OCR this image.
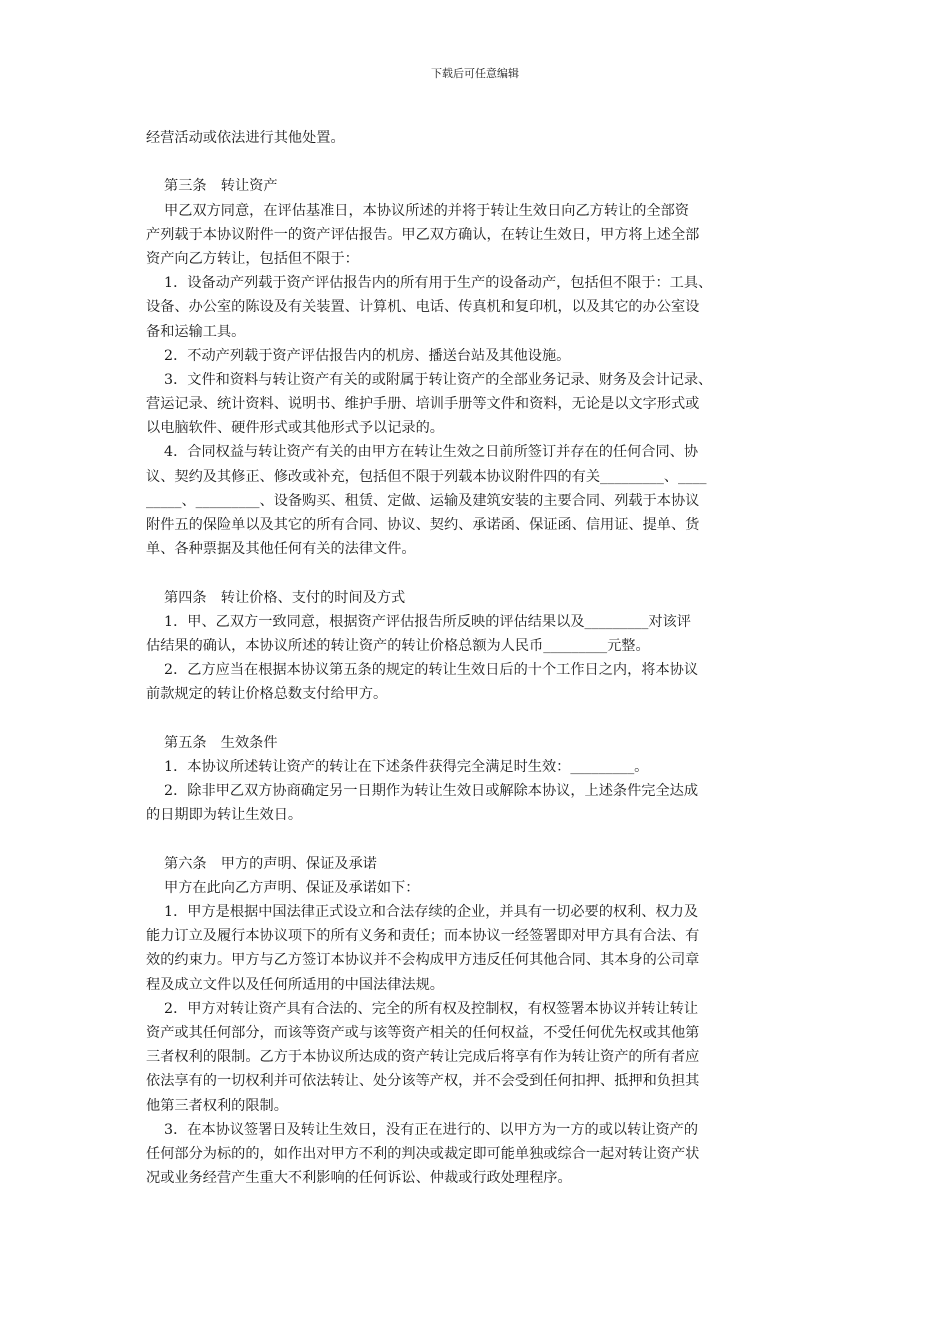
下载后可任意编辑
经营活动或依法进行其他处置。
第三条　转让资产
甲乙双方同意，在评估基准日，本协议所述的并将于转让生效日向乙方转让的全部资
产列载于本协议附件一的资产评估报告。甲乙双方确认，在转让生效日，甲方将上述全部
资产向乙方转让，包括但不限于：
1．设备动产列载于资产评估报告内的所有用于生产的设备动产，包括但不限于：工具、
设备、办公室的陈设及有关装置、计算机、电话、传真机和复印机，以及其它的办公室设
备和运输工具。
2．不动产列载于资产评估报告内的机房、播送台站及其他设施。
3．文件和资料与转让资产有关的或附属于转让资产的全部业务记录、财务及会计记录、
营运记录、统计资料、说明书、维护手册、培训手册等文件和资料，无论是以文字形式或
以电脑软件、硬件形式或其他形式予以记录的。
4．合同权益与转让资产有关的由甲方在转让生效之日前所签订并存在的任何合同、协
议、契约及其修正、修改或补充，包括但不限于列载本协议附件四的有关_________、____
_____、_________、设备购买、租赁、定做、运输及建筑安装的主要合同、列载于本协议
附件五的保险单以及其它的所有合同、协议、契约、承诺函、保证函、信用证、提单、货
单、各种票据及其他任何有关的法律文件。
第四条　转让价格、支付的时间及方式
1．甲、乙双方一致同意，根据资产评估报告所反映的评估结果以及_________对该评
估结果的确认，本协议所述的转让资产的转让价格总额为人民币_________元整。
2．乙方应当在根据本协议第五条的规定的转让生效日后的十个工作日之内，将本协议
前款规定的转让价格总数支付给甲方。
第五条　生效条件
1．本协议所述转让资产的转让在下述条件获得完全满足时生效：_________。
2．除非甲乙双方协商确定另一日期作为转让生效日或解除本协议，上述条件完全达成
的日期即为转让生效日。
第六条　甲方的声明、保证及承诺
甲方在此向乙方声明、保证及承诺如下：
1．甲方是根据中国法律正式设立和合法存续的企业，并具有一切必要的权利、权力及
能力订立及履行本协议项下的所有义务和责任；而本协议一经签署即对甲方具有合法、有
效的约束力。甲方与乙方签订本协议并不会构成甲方违反任何其他合同、其本身的公司章
程及成立文件以及任何所适用的中国法律法规。
2．甲方对转让资产具有合法的、完全的所有权及控制权，有权签署本协议并转让转让
资产或其任何部分，而该等资产或与该等资产相关的任何权益，不受任何优先权或其他第
三者权利的限制。乙方于本协议所达成的资产转让完成后将享有作为转让资产的所有者应
依法享有的一切权利并可依法转让、处分该等产权，并不会受到任何扣押、抵押和负担其
他第三者权利的限制。
3．在本协议签署日及转让生效日，没有正在进行的、以甲方为一方的或以转让资产的
任何部分为标的的，如作出对甲方不利的判决或裁定即可能单独或综合一起对转让资产状
况或业务经营产生重大不利影响的任何诉讼、仲裁或行政处理程序。
